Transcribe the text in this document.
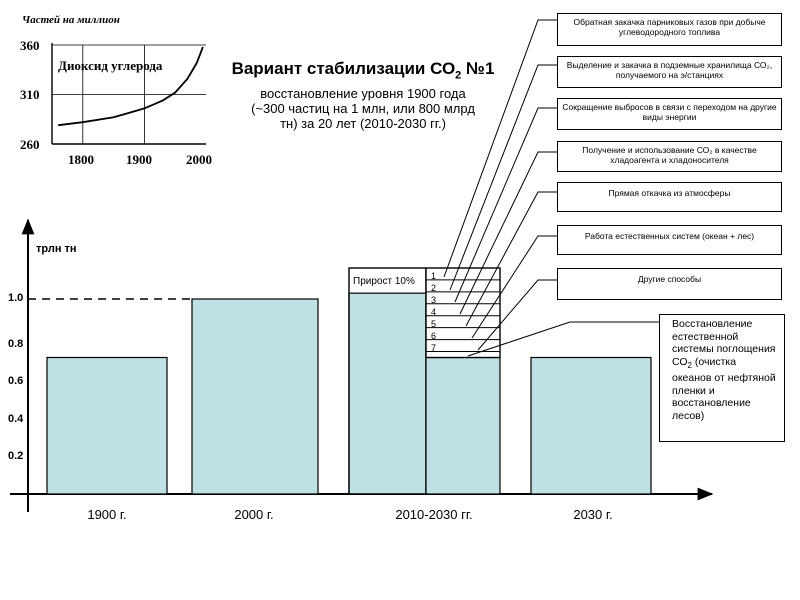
Частей на миллион
Диоксид углерода
360
310
260
1800 1900	2000
Вариант стабилизации $СО_2$ №1
восстановление уровня 1900 года
(~300 частиц на 1 млн, или 800 млрд
тн) за 20 лет (2010-2030 гг.)
трлн тн
1.0
0.8
0.6
0.4
0.2
1900 г.	2000 г.	2010-2030 гг.	2030 г.
Прирост 10% 1
2
3
4
5
6
7
Обратная закачка парниковых газов при добыче углеводородного топлива
Выделение и закачка в подземные хранилища СО₂, получаемого на э/станциях
Сокращение выбросов в связи с переходом на другие виды энергии
Получение и использование СО₂ в качестве хладоагента и хладоносителя
Прямая откачка из атмосферы
Работа естественных систем (океан + лес)
Другие способы
Восстановление естественной системы поглощения $СО_2$ (очистка океанов от нефтяной пленки и восстановление лесов)
